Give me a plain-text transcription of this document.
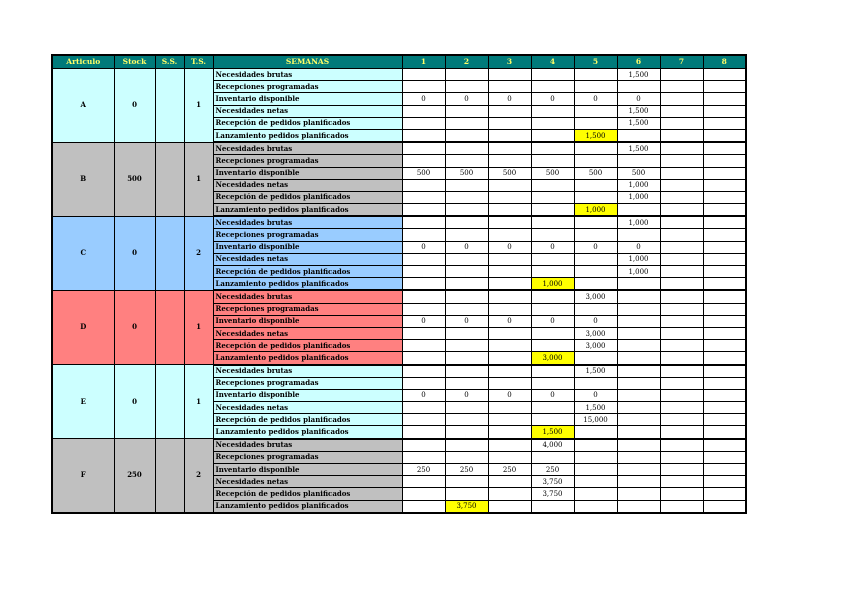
Articulo	Stock	S.S.	T.S.	SEMANAS	1	2	3	4	5	6	7	8
A	0		1	Necesidades brutas						1,500		
				Recepciones programadas								
				Inventario disponible	0	0	0	0	0	0		
				Necesidades netas						1,500		
				Recepción de pedidos planificados						1,500		
				Lanzamiento pedidos planificados					1,500			
B	500		1	Necesidades brutas						1,500		
				Recepciones programadas								
				Inventario disponible	500	500	500	500	500	500		
				Necesidades netas						1,000		
				Recepción de pedidos planificados						1,000		
				Lanzamiento pedidos planificados					1,000			
C	0		2	Necesidades brutas						1,000		
				Recepciones programadas								
				Inventario disponible	0	0	0	0	0	0		
				Necesidades netas						1,000		
				Recepción de pedidos planificados						1,000		
				Lanzamiento pedidos planificados				1,000				
D	0		1	Necesidades brutas					3,000			
				Recepciones programadas								
				Inventario disponible	0	0	0	0	0			
				Necesidades netas					3,000			
				Recepción de pedidos planificados					3,000			
				Lanzamiento pedidos planificados				3,000				
E	0		1	Necesidades brutas					1,500			
				Recepciones programadas								
				Inventario disponible	0	0	0	0	0			
				Necesidades netas					1,500			
				Recepción de pedidos planificados					15,000			
				Lanzamiento pedidos planificados				1,500				
F	250		2	Necesidades brutas				4,000				
				Recepciones programadas								
				Inventario disponible	250	250	250	250				
				Necesidades netas				3,750				
				Recepción de pedidos planificados				3,750				
				Lanzamiento pedidos planificados		3,750						
